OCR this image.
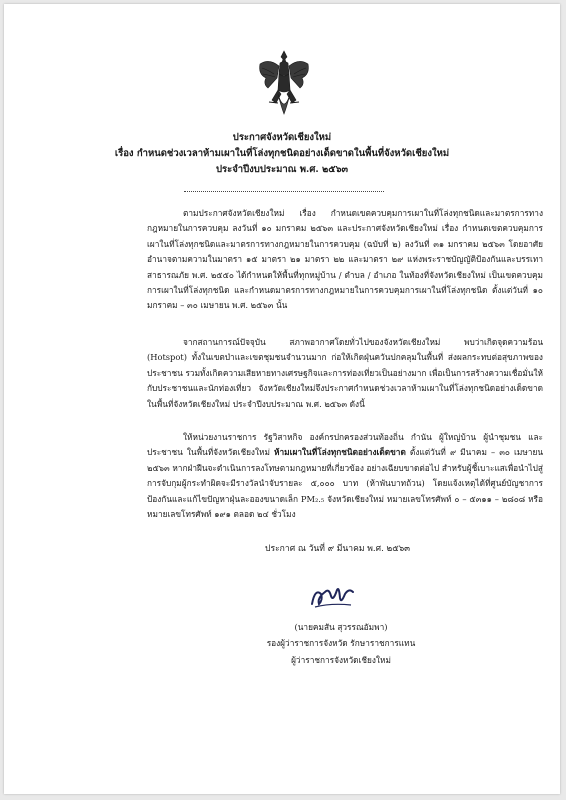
ประกาศจังหวัดเชียงใหม่
เรื่อง กำหนดช่วงเวลาห้ามเผาในที่โล่งทุกชนิดอย่างเด็ดขาดในพื้นที่จังหวัดเชียงใหม่
ประจำปีงบประมาณ พ.ศ. ๒๕๖๓

ตามประกาศจังหวัดเชียงใหม่ เรื่อง กำหนดเขตควบคุมการเผาในที่โล่งทุกชนิดและมาตรการทางกฎหมายในการควบคุม ลงวันที่ ๑๐ มกราคม ๒๕๖๓ และประกาศจังหวัดเชียงใหม่ เรื่อง กำหนดเขตควบคุมการเผาในที่โล่งทุกชนิดและมาตรการทางกฎหมายในการควบคุม (ฉบับที่ ๒) ลงวันที่ ๓๑ มกราคม ๒๕๖๓ โดยอาศัยอำนาจตามความในมาตรา ๑๕ มาตรา ๒๑ มาตรา ๒๒ และมาตรา ๒๙ แห่งพระราชบัญญัติป้องกันและบรรเทาสาธารณภัย พ.ศ. ๒๕๕๐ ได้กำหนดให้พื้นที่ทุกหมู่บ้าน / ตำบล / อำเภอ ในท้องที่จังหวัดเชียงใหม่ เป็นเขตควบคุมการเผาในที่โล่งทุกชนิด และกำหนดมาตรการทางกฎหมายในการควบคุมการเผาในที่โล่งทุกชนิด ตั้งแต่วันที่ ๑๐ มกราคม – ๓๐ เมษายน พ.ศ. ๒๕๖๓ นั้น

จากสถานการณ์ปัจจุบัน สภาพอากาศโดยทั่วไปของจังหวัดเชียงใหม่ พบว่าเกิดจุดความร้อน (Hotspot) ทั้งในเขตป่าและเขตชุมชนจำนวนมาก ก่อให้เกิดฝุ่นควันปกคลุมในพื้นที่ ส่งผลกระทบต่อสุขภาพของประชาชน รวมทั้งเกิดความเสียหายทางเศรษฐกิจและการท่องเที่ยวเป็นอย่างมาก เพื่อเป็นการสร้างความเชื่อมั่นให้กับประชาชนและนักท่องเที่ยว จังหวัดเชียงใหม่จึงประกาศกำหนดช่วงเวลาห้ามเผาในที่โล่งทุกชนิดอย่างเด็ดขาดในพื้นที่จังหวัดเชียงใหม่ ประจำปีงบประมาณ พ.ศ. ๒๕๖๓ ดังนี้

ให้หน่วยงานราชการ รัฐวิสาหกิจ องค์กรปกครองส่วนท้องถิ่น กำนัน ผู้ใหญ่บ้าน ผู้นำชุมชน และประชาชน ในพื้นที่จังหวัดเชียงใหม่ ห้ามเผาในที่โล่งทุกชนิดอย่างเด็ดขาด ตั้งแต่วันที่ ๙ มีนาคม – ๓๐ เมษายน ๒๕๖๓ หากฝ่าฝืนจะดำเนินการลงโทษตามกฎหมายที่เกี่ยวข้อง อย่างเฉียบขาดต่อไป สำหรับผู้ชี้เบาะแสเพื่อนำไปสู่การจับกุมผู้กระทำผิดจะมีรางวัลนำจับรายละ ๕,๐๐๐ บาท (ห้าพันบาทถ้วน) โดยแจ้งเหตุได้ที่ศูนย์บัญชาการป้องกันและแก้ไขปัญหาฝุ่นละอองขนาดเล็ก PM₂.₅ จังหวัดเชียงใหม่ หมายเลขโทรศัพท์ ๐ – ๕๓๑๑ – ๒๘๐๘ หรือหมายเลขโทรศัพท์ ๑๙๑ ตลอด ๒๔ ชั่วโมง

ประกาศ ณ วันที่ ๙ มีนาคม พ.ศ. ๒๕๖๓
(นายคมสัน สุวรรณอัมพา)
รองผู้ว่าราชการจังหวัด รักษาราชการแทน
ผู้ว่าราชการจังหวัดเชียงใหม่
